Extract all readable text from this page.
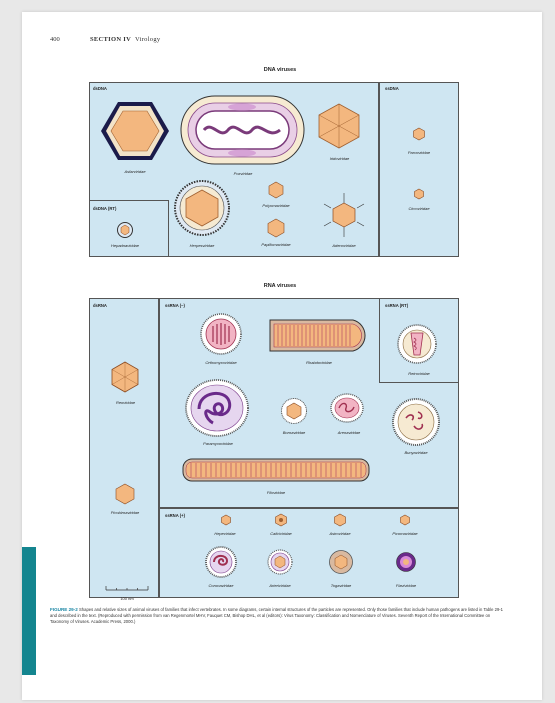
400	SECTION IV Virology
DNA viruses
dsDNA
dsDNA (RT)
ssDNA
Asfarviridae	Poxviridae
Iridoviridae
Parvoviridae
Circoviridae
Herpesviridae
Polyomaviridae
Papillomaviridae	Adenoviridae
Hepadnaviridae
RNA viruses
dsRNA	ssRNA (–)	ssRNA (RT)
ssRNA (+)
Reoviridae
Picobirnaviridae
Orthomyxoviridae	Rhabdoviridae
Retroviridae
Paramyxoviridae
Bornaviridae	Arenaviridae
Bunyaviridae
Filoviridae
Hepeviridae	Caliciviridae	Astroviridae	Picornaviridae
Coronaviridae	Arteriviridae	Togaviridae	Flaviviridae
100 nm
FIGURE 29-2 Shapes and relative sizes of animal viruses of families that infect vertebrates. In some diagrams, certain internal structures of the particles are represented. Only those families that include human pathogens are listed in Table 29-1 and described in the text. (Reproduced with permission from van Regenmortel MHV, Fauquet CM, Bishop DHL, et al (editors): Virus Taxonomy: Classification and Nomenclature of Viruses. Seventh Report of the International Committee on Taxonomy of Viruses. Academic Press, 2000.)
